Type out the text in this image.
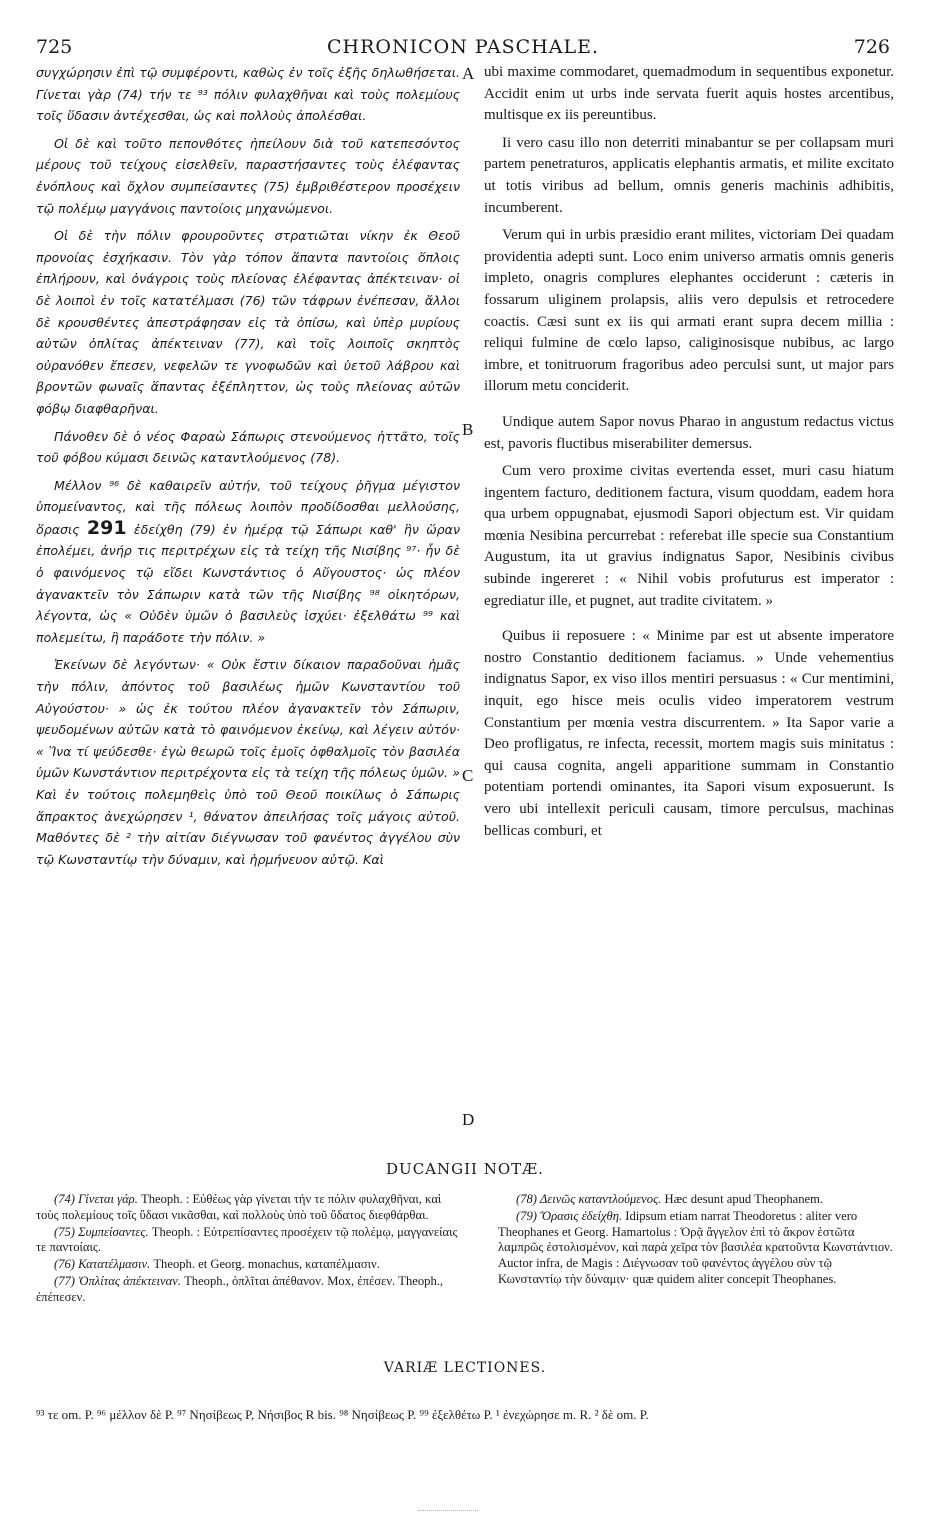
725	CHRONICON PASCHALE.	726

συγχώρησιν ἐπὶ τῷ συμφέροντι, καθὼς ἐν τοῖς ἑξῆς δηλωθήσεται. Γίνεται γὰρ (74) τήν τε ⁹³ πόλιν φυλαχθῆναι καὶ τοὺς πολεμίους τοῖς ὕδασιν ἀντέχεσθαι, ὡς καὶ πολλοὺς ἀπολέσθαι.

Οἱ δὲ καὶ τοῦτο πεπονθότες ἠπείλουν διὰ τοῦ κατεπεσόντος μέρους τοῦ τείχους εἰσελθεῖν, παραστήσαντες τοὺς ἐλέφαντας ἐνόπλους καὶ ὄχλον συμπείσαντες (75) ἐμβριθέστερον προσέχειν τῷ πολέμῳ μαγγάνοις παντοίοις μηχανώμενοι.

Οἱ δὲ τὴν πόλιν φρουροῦντες στρατιῶται νίκην ἐκ Θεοῦ προνοίας ἐσχήκασιν. Τὸν γὰρ τόπον ἅπαντα παντοίοις ὅπλοις ἐπλήρουν, καὶ ὀνάγροις τοὺς πλείονας ἐλέφαντας ἀπέκτειναν· οἱ δὲ λοιποὶ ἐν τοῖς κατατέλμασι (76) τῶν τάφρων ἐνέπεσαν, ἄλλοι δὲ κρουσθέντες ἀπεστράφησαν εἰς τὰ ὀπίσω, καὶ ὑπὲρ μυρίους αὐτῶν ὁπλίτας ἀπέκτειναν (77), καὶ τοῖς λοιποῖς σκηπτὸς οὐρανόθεν ἔπεσεν, νεφελῶν τε γνοφωδῶν καὶ ὑετοῦ λάβρου καὶ βροντῶν φωναῖς ἅπαντας ἐξέπληττον, ὡς τοὺς πλείονας αὐτῶν φόβῳ διαφθαρῆναι.

Πάνοθεν δὲ ὁ νέος Φαραὼ Σάπωρις στενούμενος ἡττᾶτο, τοῖς τοῦ φόβου κύμασι δεινῶς καταντλούμενος (78).

Μέλλον ⁹⁶ δὲ καθαιρεῖν αὐτήν, τοῦ τείχους ῥῆγμα μέγιστον ὑπομείναντος, καὶ τῆς πόλεως λοιπὸν προδίδοσθαι μελλούσης, ὅρασις 291 ἐδείχθη (79) ἐν ἡμέρᾳ τῷ Σάπωρι καθ' ἣν ὥραν ἐπολέμει, ἀνήρ τις περιτρέχων εἰς τὰ τείχη τῆς Νισίβης ⁹⁷· ἦν δὲ ὁ φαινόμενος τῷ εἴδει Κωνστάντιος ὁ Αὔγουστος· ὡς πλέον ἀγανακτεῖν τὸν Σάπωριν κατὰ τῶν τῆς Νισίβης ⁹⁸ οἰκητόρων, λέγοντα, ὡς « Οὐδὲν ὑμῶν ὁ βασιλεὺς ἰσχύει· ἐξελθάτω ⁹⁹ καὶ πολεμείτω, ἢ παράδοτε τὴν πόλιν. »

Ἐκείνων δὲ λεγόντων· « Οὐκ ἔστιν δίκαιον παραδοῦναι ἡμᾶς τὴν πόλιν, ἀπόντος τοῦ βασιλέως ἡμῶν Κωνσταντίου τοῦ Αὐγούστου· » ὡς ἐκ τούτου πλέον ἀγανακτεῖν τὸν Σάπωριν, ψευδομένων αὐτῶν κατὰ τὸ φαινόμενον ἐκείνῳ, καὶ λέγειν αὐτόν· « Ἵνα τί ψεύδεσθε· ἐγὼ θεωρῶ τοῖς ἐμοῖς ὀφθαλμοῖς τὸν βασιλέα ὑμῶν Κωνστάντιον περιτρέχοντα εἰς τὰ τείχη τῆς πόλεως ὑμῶν. » Καὶ ἐν τούτοις πολεμηθεὶς ὑπὸ τοῦ Θεοῦ ποικίλως ὁ Σάπωρις ἄπρακτος ἀνεχώρησεν ¹, θάνατον ἀπειλήσας τοῖς μάγοις αὐτοῦ. Μαθόντες δὲ ² τὴν αἰτίαν διέγνωσαν τοῦ φανέντος ἀγγέλου σὺν τῷ Κωνσταντίῳ τὴν δύναμιν, καὶ ἡρμήνευον αὐτῷ. Καὶ

A
B
C
D

ubi maxime commodaret, quemadmodum in sequentibus exponetur. Accidit enim ut urbs inde servata fuerit aquis hostes arcentibus, multisque ex iis pereuntibus.

Ii vero casu illo non deterriti minabantur se per collapsam muri partem penetraturos, applicatis elephantis armatis, et milite excitato ut totis viribus ad bellum, omnis generis machinis adhibitis, incumberent.

Verum qui in urbis præsidio erant milites, victoriam Dei quadam providentia adepti sunt. Loco enim universo armatis omnis generis impleto, onagris complures elephantes occiderunt : cæteris in fossarum uliginem prolapsis, aliis vero depulsis et retrocedere coactis. Cæsi sunt ex iis qui armati erant supra decem millia : reliqui fulmine de cœlo lapso, caliginosisque nubibus, ac largo imbre, et tonitruorum fragoribus adeo perculsi sunt, ut major pars illorum metu conciderit.

Undique autem Sapor novus Pharao in angustum redactus victus est, pavoris fluctibus miserabiliter demersus.

Cum vero proxime civitas evertenda esset, muri casu hiatum ingentem facturo, deditionem factura, visum quoddam, eadem hora qua urbem oppugnabat, ejusmodi Sapori objectum est. Vir quidam mœnia Nesibina percurrebat : referebat ille specie sua Constantium Augustum, ita ut gravius indignatus Sapor, Nesibinis civibus subinde ingereret : « Nihil vobis profuturus est imperator : egrediatur ille, et pugnet, aut tradite civitatem. »

Quibus ii reposuere : « Minime par est ut absente imperatore nostro Constantio deditionem faciamus. » Unde vehementius indignatus Sapor, ex viso illos mentiri persuasus : « Cur mentimini, inquit, ego hisce meis oculis video imperatorem vestrum Constantium per mœnia vestra discurrentem. » Ita Sapor varie a Deo profligatus, re infecta, recessit, mortem magis suis minitatus : qui causa cognita, angeli apparitione summam in Constantio potentiam portendi ominantes, ita Sapori visum exposuerunt. Is vero ubi intellexit periculi causam, timore perculsus, machinas bellicas comburi, et

DUCANGII NOTÆ.

(74) Γίνεται γάρ. Theoph. : Εὐθέως γὰρ γίνεται τήν τε πόλιν φυλαχθῆναι, καὶ τοὺς πολεμίους τοῖς ὕδασι νικᾶσθαι, καὶ πολλοὺς ὑπὸ τοῦ ὕδατος διεφθάρθαι.

(75) Συμπείσαντες. Theoph. : Εὐτρεπίσαντες προσέχειν τῷ πολέμῳ, μαγγανείαις τε παντοίαις.

(76) Κατατέλμασιν. Theoph. et Georg. monachus, καταπέλμασιν.

(77) Ὁπλίτας ἀπέκτειναν. Theoph., ὁπλῖται ἀπέθανον. Mox, ἐπέσεν. Theoph., ἐπέπεσεν.

(78) Δεινῶς καταντλούμενος. Hæc desunt apud Theophanem.

(79) Ὅρασις ἐδείχθη. Idipsum etiam narrat Theodoretus : aliter vero Theophanes et Georg. Hamartolus : Ὁρᾷ ἄγγελον ἐπὶ τὸ ἄκρον ἑστῶτα λαμπρῶς ἐστολισμένον, καὶ παρὰ χεῖρα τὸν βασιλέα κρατοῦντα Κωνστάντιον. Auctor infra, de Magis : Διέγνωσαν τοῦ φανέντος ἀγγέλου σὺν τῷ Κωνσταντίῳ τὴν δύναμιν· quæ quidem aliter concepit Theophanes.

VARIÆ LECTIONES.
⁹³ τε om. P. ⁹⁶ μέλλον δὲ P. ⁹⁷ Νησίβεως P, Νήσιβος R bis. ⁹⁸ Νησίβεως P. ⁹⁹ ἐξελθέτω P. ¹ ἐνεχώρησε m. R. ² δὲ om. P.
